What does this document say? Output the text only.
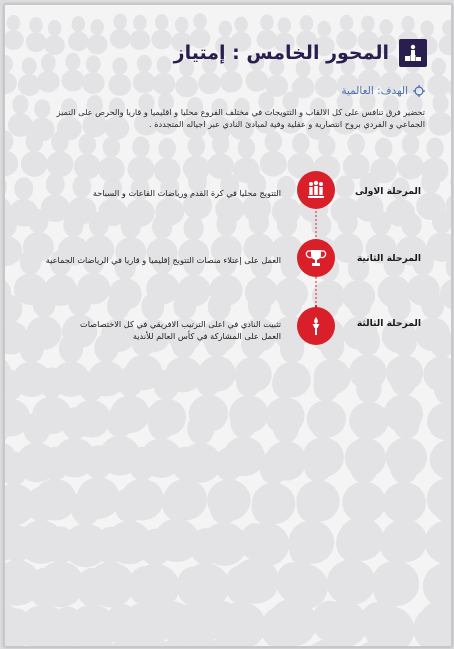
المحور الخامس : إمتياز
الهدف: العالمية
تحضير فرق تنافس على كل الالقاب و التتويجات في مختلف الفروع محليا و اقليميا و قاريا والحرص على التميز الجماعي و الفردي بروح انتصارية و عقلية وفية لمبادئ النادي عبر اجياله المتجددة .
المرحلة الاولى
التتويج محليا في كرة القدم ورياضات القاعات و السباحة
المرحلة الثانية
العمل على إعتلاء منصات التتويج إقليميا و قاريا في الرياضات الجماعية
المرحلة الثالثة
تثبيت النادي في اعلى الترتيب الافريقي في كل الاختصاصات
العمل على المشاركة في كأس العالم للأندية
